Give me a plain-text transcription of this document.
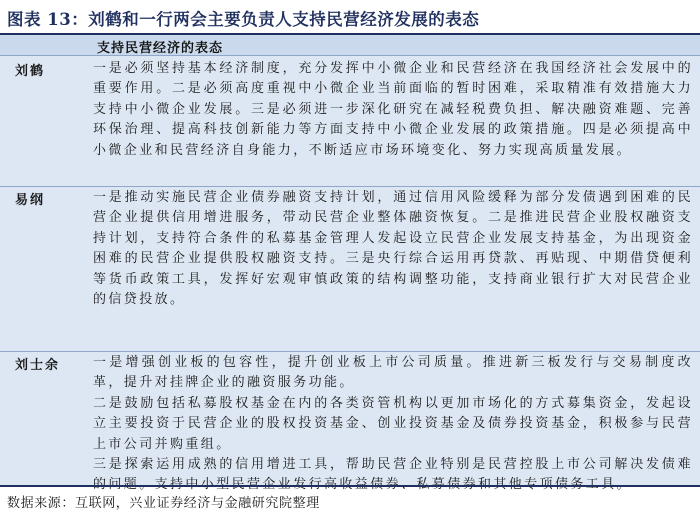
图表 13：刘鹤和一行两会主要负责人支持民营经济发展的表态
支持民营经济的表态
刘鹤	一是必须坚持基本经济制度，充分发挥中小微企业和民营经济在我国经济社会发展中的重要作用。二是必须高度重视中小微企业当前面临的暂时困难，采取精准有效措施大力支持中小微企业发展。三是必须进一步深化研究在减轻税费负担、解决融资难题、完善环保治理、提高科技创新能力等方面支持中小微企业发展的政策措施。四是必须提高中小微企业和民营经济自身能力，不断适应市场环境变化、努力实现高质量发展。

易纲	一是推动实施民营企业债券融资支持计划，通过信用风险缓释为部分发债遇到困难的民营企业提供信用增进服务，带动民营企业整体融资恢复。二是推进民营企业股权融资支持计划，支持符合条件的私募基金管理人发起设立民营企业发展支持基金，为出现资金困难的民营企业提供股权融资支持。三是央行综合运用再贷款、再贴现、中期借贷便利等货币政策工具，发挥好宏观审慎政策的结构调整功能，支持商业银行扩大对民营企业的信贷投放。

刘士余	一是增强创业板的包容性，提升创业板上市公司质量。推进新三板发行与交易制度改革，提升对挂牌企业的融资服务功能。

二是鼓励包括私募股权基金在内的各类资管机构以更加市场化的方式募集资金，发起设立主要投资于民营企业的股权投资基金、创业投资基金及债券投资基金，积极参与民营上市公司并购重组。

三是探索运用成熟的信用增进工具，帮助民营企业特别是民营控股上市公司解决发债难

数据来源：互联网，兴业证券经济与金融研究院整理
